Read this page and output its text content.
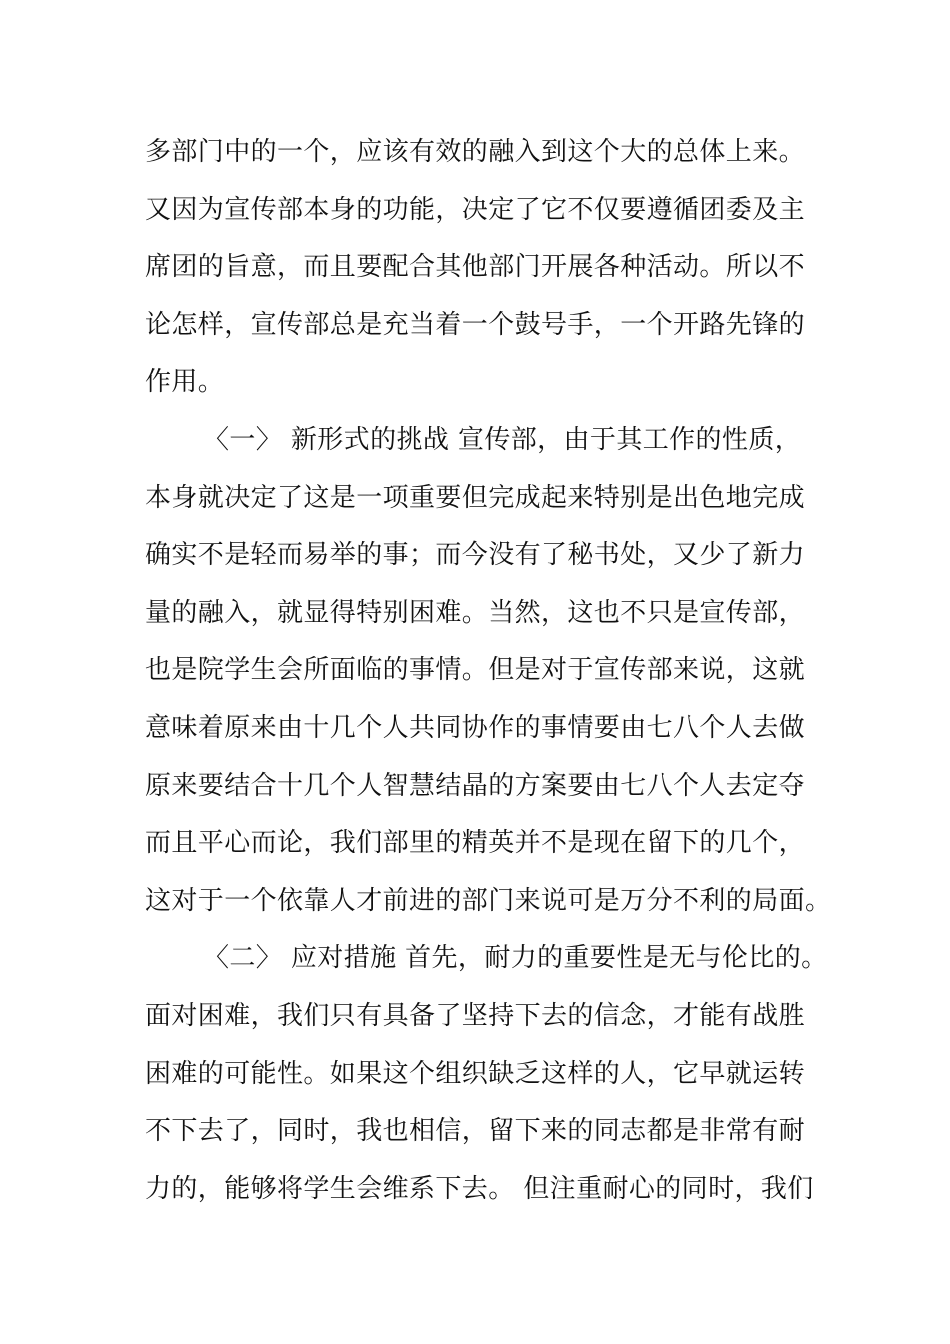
多部门中的一个，应该有效的融入到这个大的总体上来。
又因为宣传部本身的功能，决定了它不仅要遵循团委及主
席团的旨意，而且要配合其他部门开展各种活动。所以不
论怎样，宣传部总是充当着一个鼓号手，一个开路先锋的
作用。
〈一〉 新形式的挑战 宣传部，由于其工作的性质，
本身就决定了这是一项重要但完成起来特别是出色地完成
确实不是轻而易举的事；而今没有了秘书处，又少了新力
量的融入，就显得特别困难。当然，这也不只是宣传部，
也是院学生会所面临的事情。但是对于宣传部来说，这就
意味着原来由十几个人共同协作的事情要由七八个人去做
原来要结合十几个人智慧结晶的方案要由七八个人去定夺
而且平心而论，我们部里的精英并不是现在留下的几个，
这对于一个依靠人才前进的部门来说可是万分不利的局面。
〈二〉 应对措施 首先，耐力的重要性是无与伦比的。
面对困难，我们只有具备了坚持下去的信念，才能有战胜
困难的可能性。如果这个组织缺乏这样的人，它早就运转
不下去了，同时，我也相信，留下来的同志都是非常有耐
力的，能够将学生会维系下去。 但注重耐心的同时，我们
